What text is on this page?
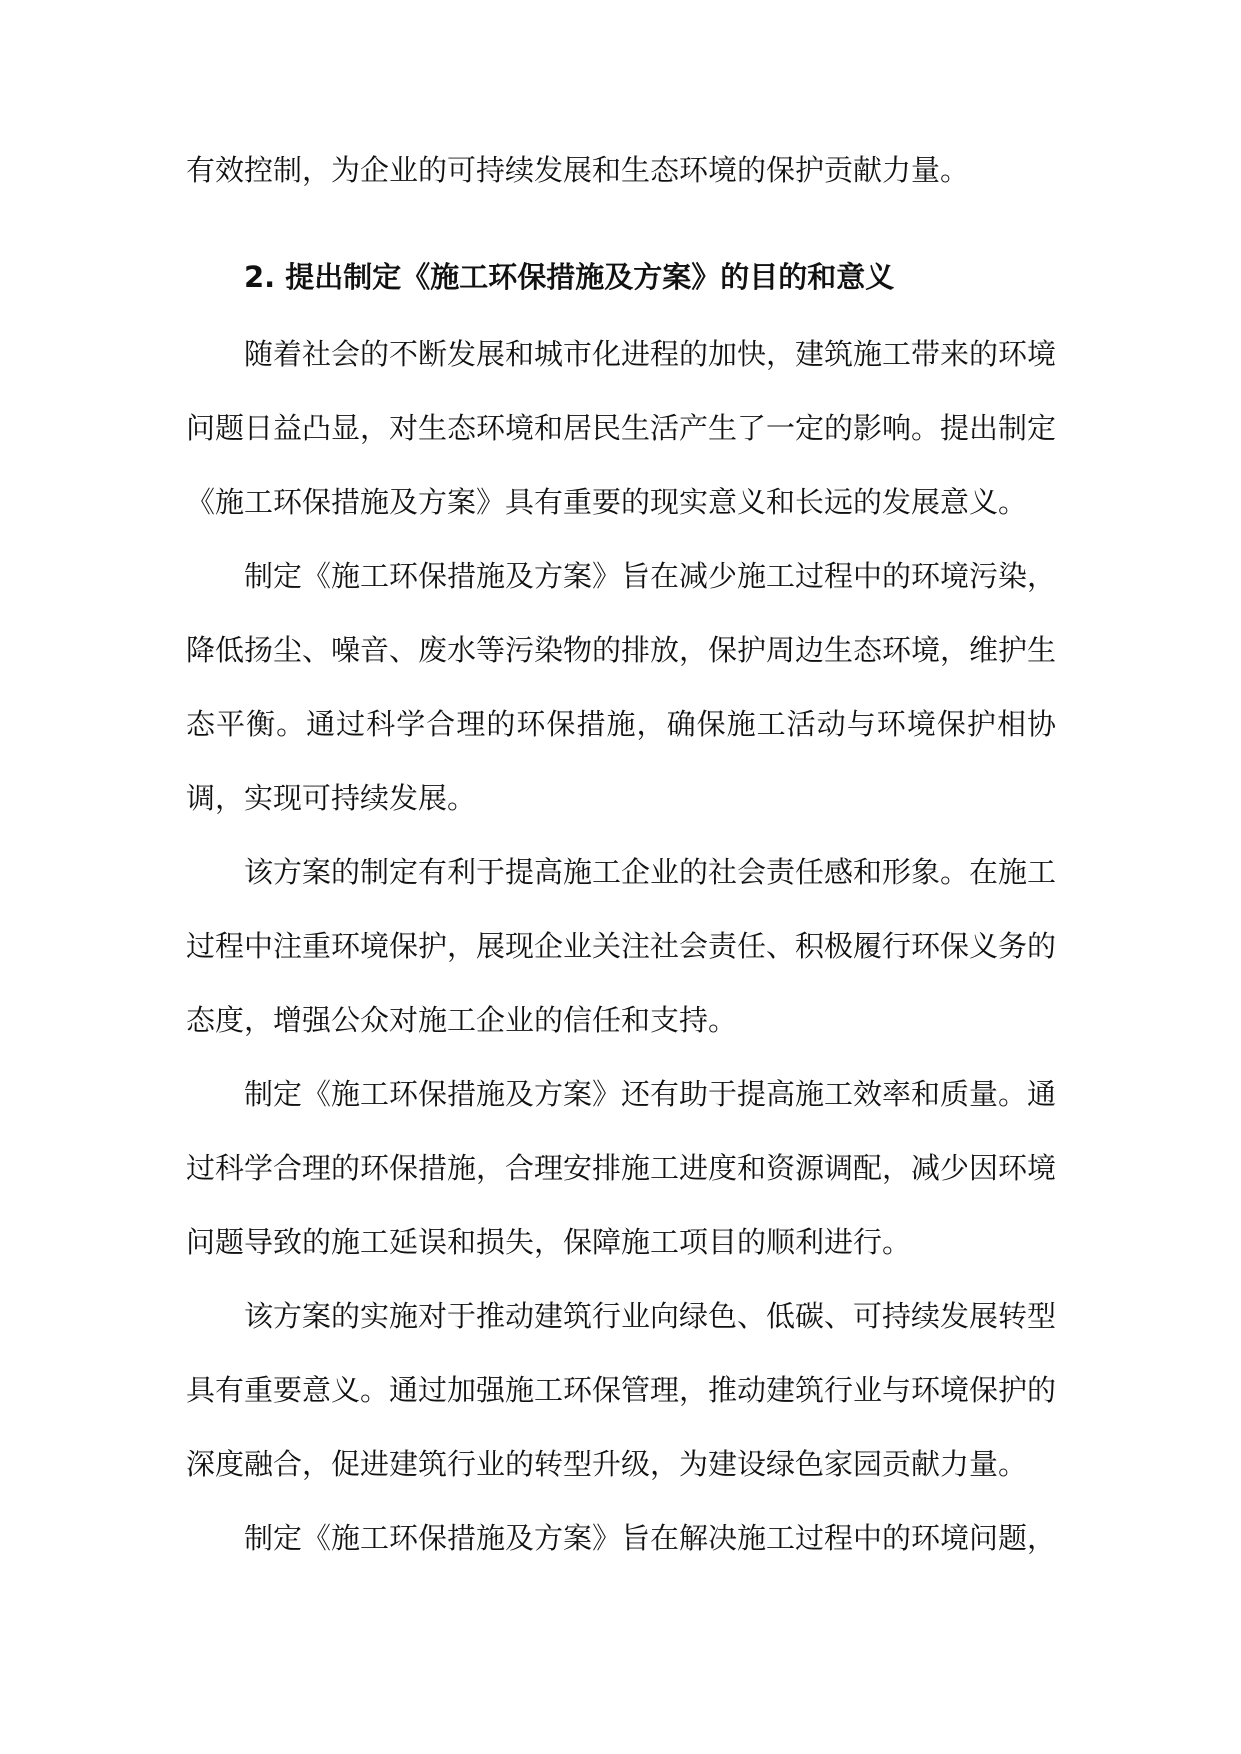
有效控制，为企业的可持续发展和生态环境的保护贡献力量。

2. 提出制定《施工环保措施及方案》的目的和意义

随着社会的不断发展和城市化进程的加快，建筑施工带来的环境问题日益凸显，对生态环境和居民生活产生了一定的影响。提出制定《施工环保措施及方案》具有重要的现实意义和长远的发展意义。

制定《施工环保措施及方案》旨在减少施工过程中的环境污染，降低扬尘、噪音、废水等污染物的排放，保护周边生态环境，维护生态平衡。通过科学合理的环保措施，确保施工活动与环境保护相协调，实现可持续发展。

该方案的制定有利于提高施工企业的社会责任感和形象。在施工过程中注重环境保护，展现企业关注社会责任、积极履行环保义务的态度，增强公众对施工企业的信任和支持。

制定《施工环保措施及方案》还有助于提高施工效率和质量。通过科学合理的环保措施，合理安排施工进度和资源调配，减少因环境问题导致的施工延误和损失，保障施工项目的顺利进行。

该方案的实施对于推动建筑行业向绿色、低碳、可持续发展转型具有重要意义。通过加强施工环保管理，推动建筑行业与环境保护的深度融合，促进建筑行业的转型升级，为建设绿色家园贡献力量。

制定《施工环保措施及方案》旨在解决施工过程中的环境问题，
